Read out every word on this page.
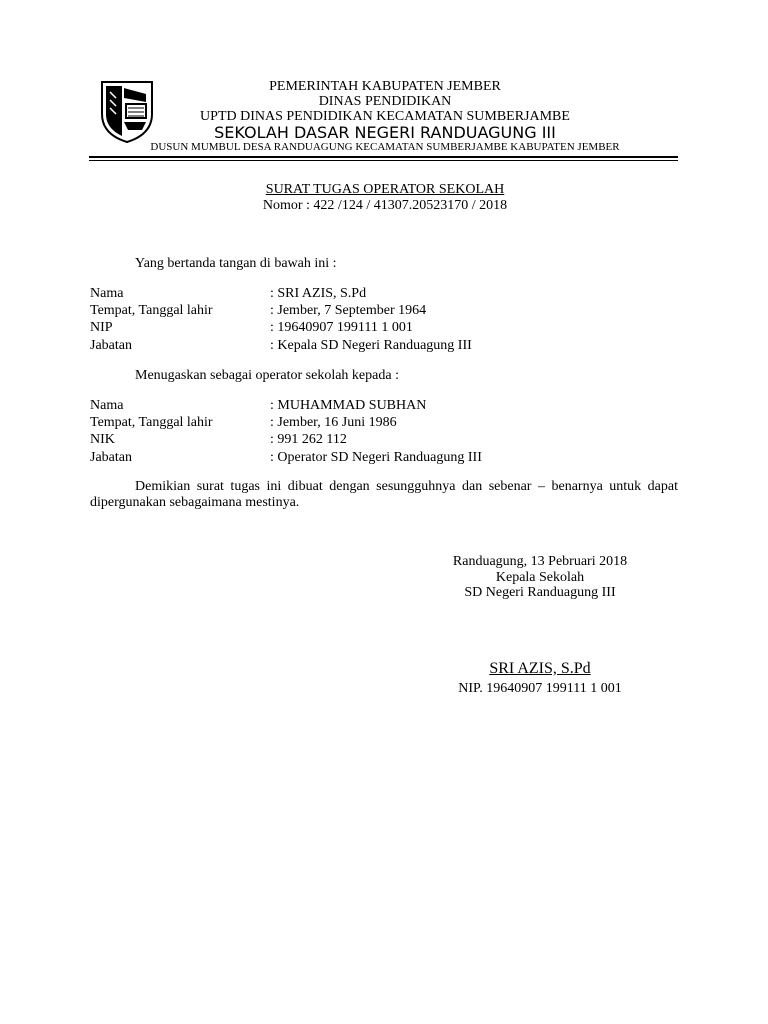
PEMERINTAH KABUPATEN JEMBER
DINAS PENDIDIKAN
UPTD DINAS PENDIDIKAN KECAMATAN SUMBERJAMBE
SEKOLAH DASAR NEGERI RANDUAGUNG III
DUSUN MUMBUL DESA RANDUAGUNG KECAMATAN SUMBERJAMBE KABUPATEN JEMBER
SURAT TUGAS OPERATOR SEKOLAH
Nomor : 422 /124 / 41307.20523170 / 2018
Yang bertanda tangan di bawah ini :
Nama	: SRI AZIS, S.Pd
Tempat, Tanggal lahir	: Jember, 7 September 1964
NIP	: 19640907 199111 1 001
Jabatan	: Kepala SD Negeri Randuagung III
Menugaskan sebagai operator sekolah kepada :
Nama	: MUHAMMAD SUBHAN
Tempat, Tanggal lahir	: Jember, 16 Juni 1986
NIK	: 991 262 112
Jabatan	: Operator SD Negeri Randuagung III
Demikian surat tugas ini dibuat dengan sesungguhnya dan sebenar – benarnya untuk dapat dipergunakan sebagaimana mestinya.
Randuagung, 13 Pebruari 2018
Kepala Sekolah
SD Negeri Randuagung III
SRI AZIS, S.Pd
NIP. 19640907 199111 1 001
